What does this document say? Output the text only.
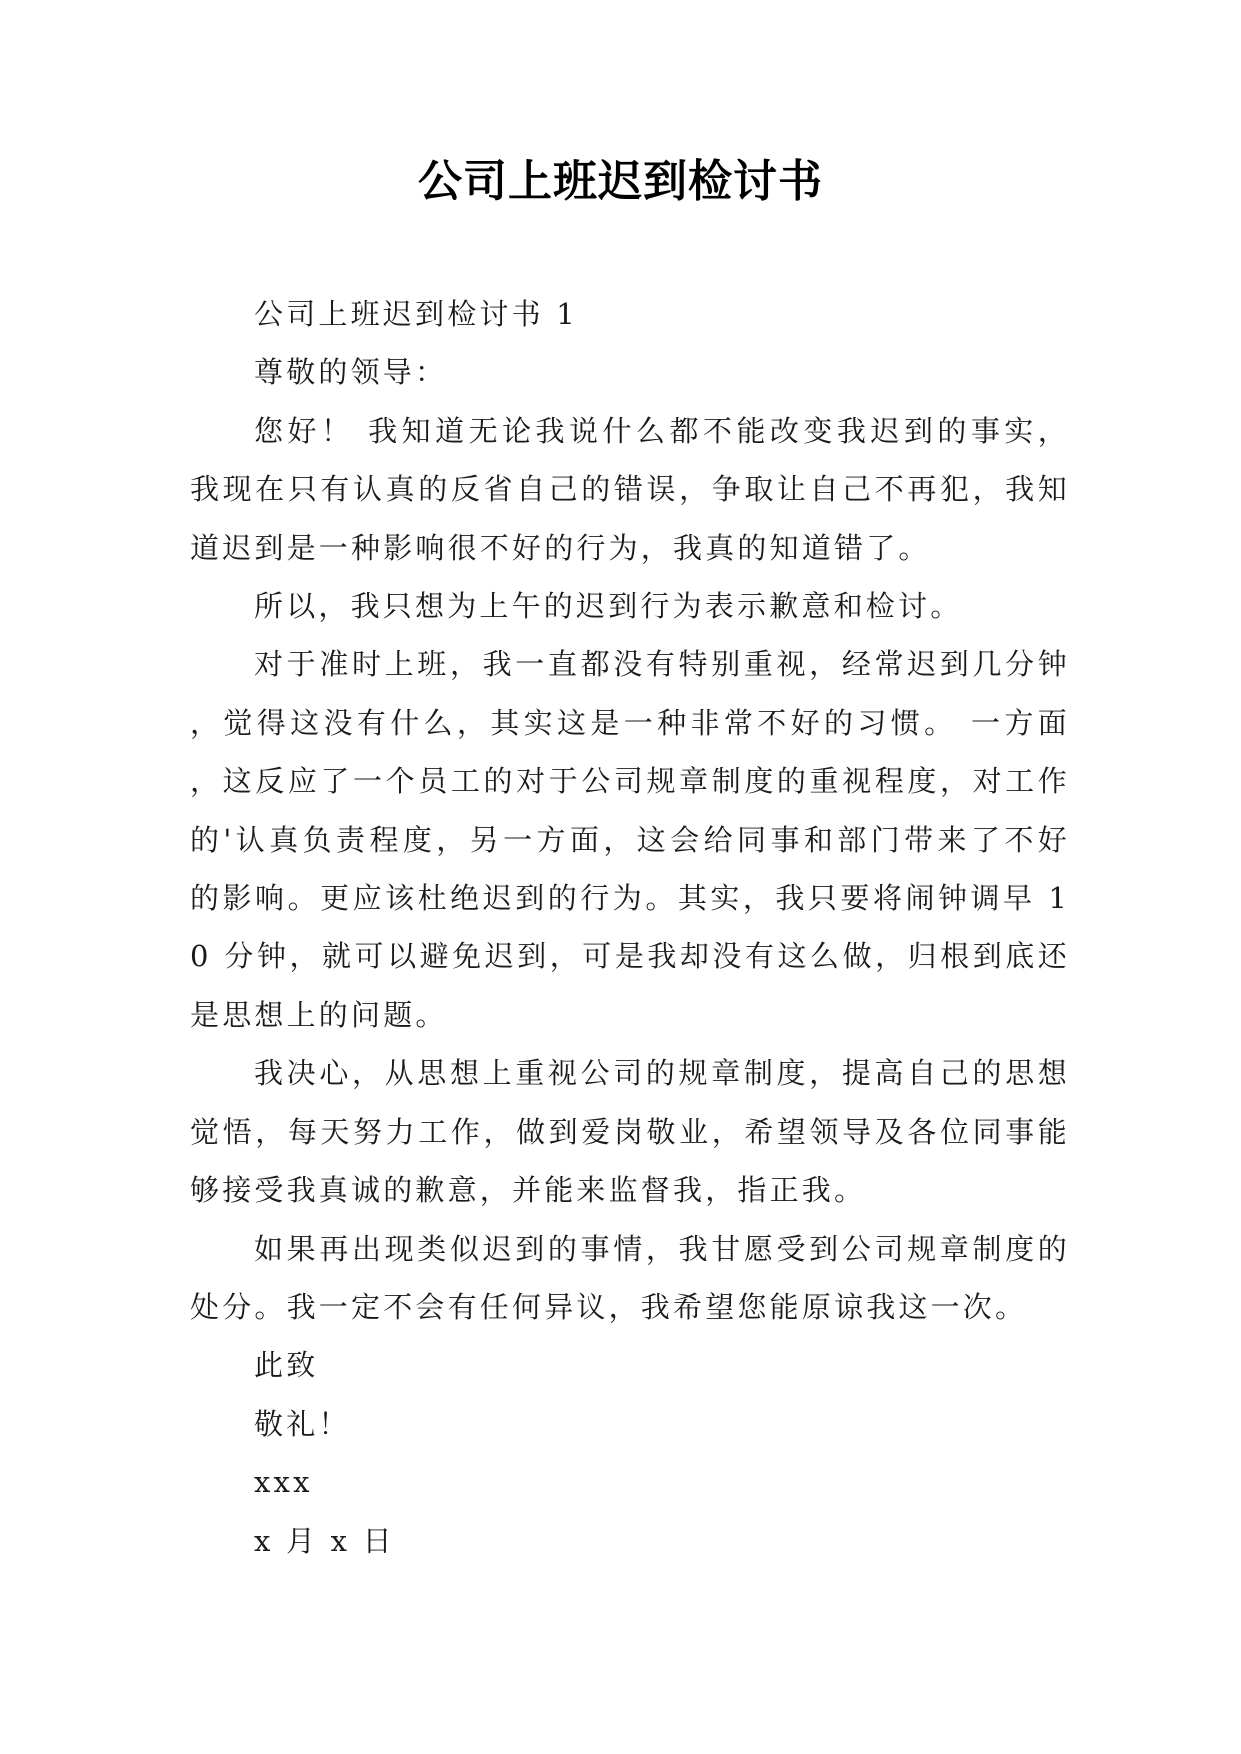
公司上班迟到检讨书

公司上班迟到检讨书 1

尊敬的领导：

您好！ 我知道无论我说什么都不能改变我迟到的事实，我现在只有认真的反省自己的错误，争取让自己不再犯，我知道迟到是一种影响很不好的行为，我真的知道错了。

所以，我只想为上午的迟到行为表示歉意和检讨。

对于准时上班，我一直都没有特别重视，经常迟到几分钟，觉得这没有什么，其实这是一种非常不好的习惯。 一方面，这反应了一个员工的对于公司规章制度的重视程度，对工作的'认真负责程度，另一方面，这会给同事和部门带来了不好的影响。更应该杜绝迟到的行为。其实，我只要将闹钟调早 10 分钟，就可以避免迟到，可是我却没有这么做，归根到底还是思想上的问题。

我决心，从思想上重视公司的规章制度，提高自己的思想觉悟，每天努力工作，做到爱岗敬业，希望领导及各位同事能够接受我真诚的歉意，并能来监督我，指正我。

如果再出现类似迟到的事情，我甘愿受到公司规章制度的处分。我一定不会有任何异议，我希望您能原谅我这一次。

此致

敬礼！

xxx

x 月 x 日
